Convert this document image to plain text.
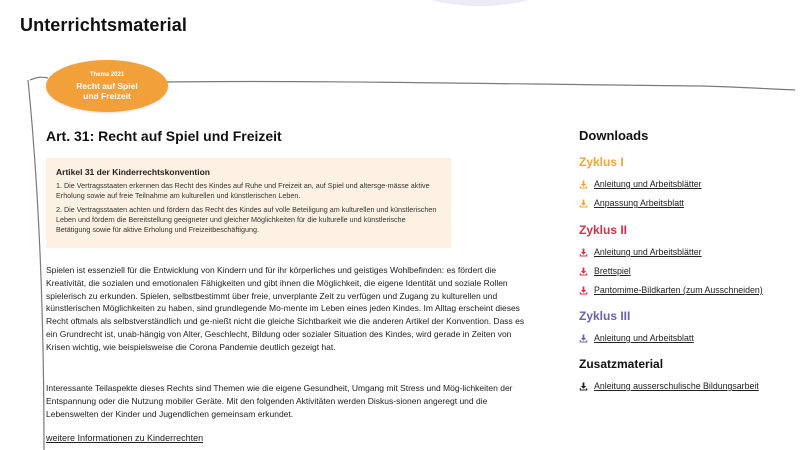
Unterrichtsmaterial
Thema 2021
Recht auf Spiel und Freizeit
Art. 31: Recht auf Spiel und Freizeit
Artikel 31 der Kinderrechtskonvention

1. Die Vertragsstaaten erkennen das Recht des Kindes auf Ruhe und Freizeit an, auf Spiel und altersge-mässe aktive Erholung sowie auf freie Teilnahme am kulturellen und künstlerischen Leben.

2. Die Vertragsstaaten achten und fördern das Recht des Kindes auf volle Beteiligung am kulturellen und künstlerischen Leben und fördern die Bereitstellung geeigneter und gleicher Möglichkeiten für die kulturelle und künstlerische Betätigung sowie für aktive Erholung und Freizeitbeschäftigung.

Spielen ist essenziell für die Entwicklung von Kindern und für ihr körperliches und geistiges Wohlbefinden: es fördert die Kreativität, die sozialen und emotionalen Fähigkeiten und gibt ihnen die Möglichkeit, die eigene Identität und soziale Rollen spielerisch zu erkunden. Spielen, selbstbestimmt über freie, unverplante Zeit zu verfügen und Zugang zu kulturellen und künstlerischen Möglichkeiten zu haben, sind grundlegende Mo-mente im Leben eines jeden Kindes. Im Alltag erscheint dieses Recht oftmals als selbstverständlich und ge-nießt nicht die gleiche Sichtbarkeit wie die anderen Artikel der Konvention. Dass es ein Grundrecht ist, unab-hängig von Alter, Geschlecht, Bildung oder sozialer Situation des Kindes, wird gerade in Zeiten von Krisen wichtig, wie beispielsweise die Corona Pandemie deutlich gezeigt hat.

Interessante Teilaspekte dieses Rechts sind Themen wie die eigene Gesundheit, Umgang mit Stress und Mög-lichkeiten der Entspannung oder die Nutzung mobiler Geräte. Mit den folgenden Aktivitäten werden Diskus-sionen angeregt und die Lebenswelten der Kinder und Jugendlichen gemeinsam erkundet.

weitere Informationen zu Kinderrechten
Downloads
Zyklus I
Anleitung und Arbeitsblätter
Anpassung Arbeitsblatt
Zyklus II
Anleitung und Arbeitsblätter
Brettspiel
Pantomime-Bildkarten (zum Ausschneiden)
Zyklus III
Anleitung und Arbeitsblatt
Zusatzmaterial
Anleitung ausserschulische Bildungsarbeit
